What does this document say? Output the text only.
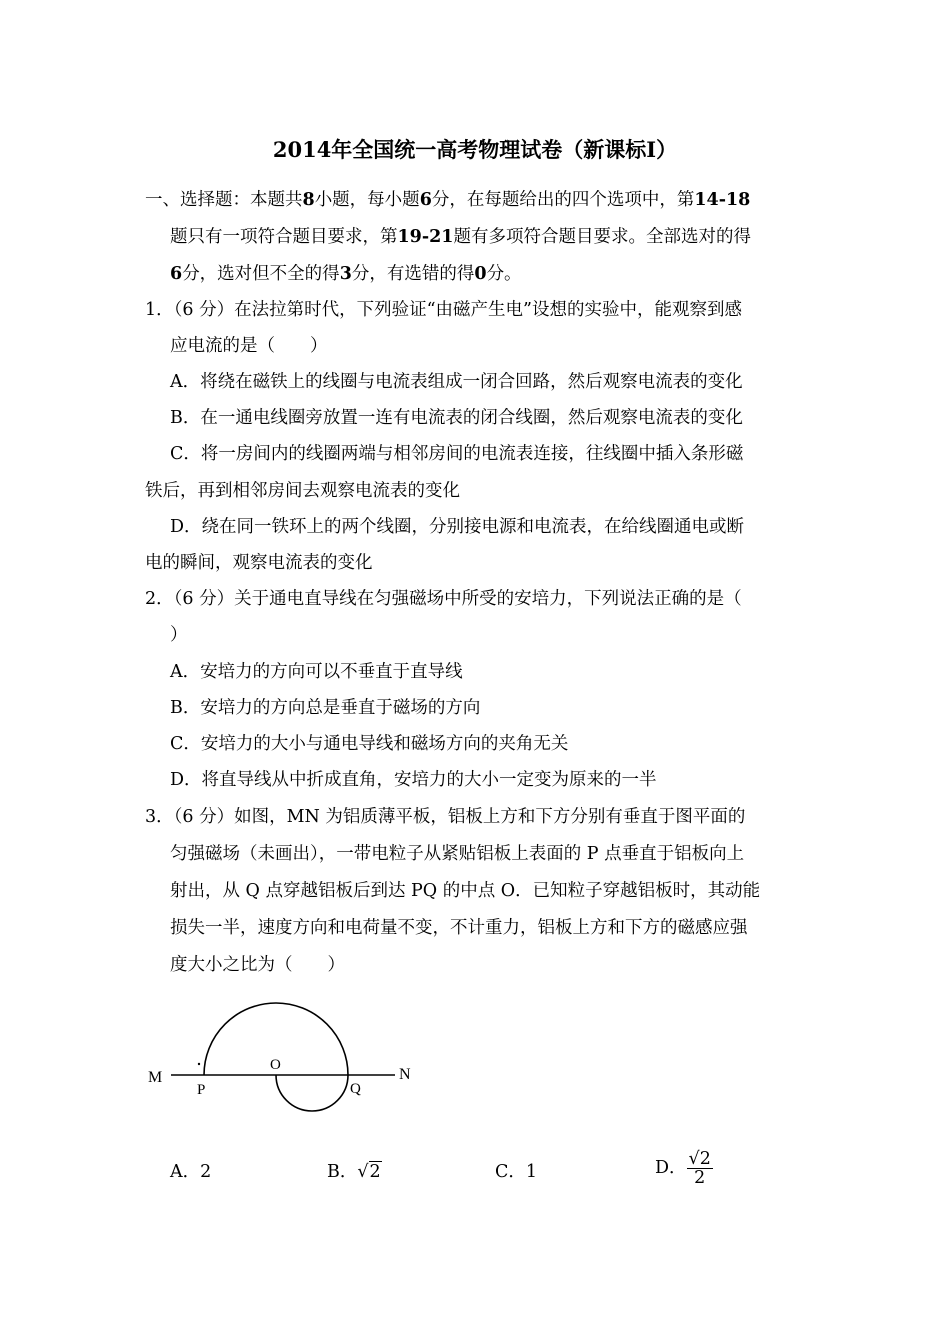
2014年全国统一高考物理试卷（新课标Ⅰ）
一、选择题：本题共8小题，每小题6分，在每题给出的四个选项中，第14-18
题只有一项符合题目要求，第19-21题有多项符合题目要求。全部选对的得
6分，选对但不全的得3分，有选错的得0分。
1．（6 分）在法拉第时代，下列验证“由磁产生电”设想的实验中，能观察到感
应电流的是（　　）
A．将绕在磁铁上的线圈与电流表组成一闭合回路，然后观察电流表的变化
B．在一通电线圈旁放置一连有电流表的闭合线圈，然后观察电流表的变化
C．将一房间内的线圈两端与相邻房间的电流表连接，往线圈中插入条形磁
铁后，再到相邻房间去观察电流表的变化
D．绕在同一铁环上的两个线圈，分别接电源和电流表，在给线圈通电或断
电的瞬间，观察电流表的变化
2．（6 分）关于通电直导线在匀强磁场中所受的安培力，下列说法正确的是（
）
A．安培力的方向可以不垂直于直导线
B．安培力的方向总是垂直于磁场的方向
C．安培力的大小与通电导线和磁场方向的夹角无关
D．将直导线从中折成直角，安培力的大小一定变为原来的一半
3．（6 分）如图，MN 为铝质薄平板，铝板上方和下方分别有垂直于图平面的
匀强磁场（未画出），一带电粒子从紧贴铝板上表面的 P 点垂直于铝板向上
射出，从 Q 点穿越铝板后到达 PQ 的中点 O．已知粒子穿越铝板时，其动能
损失一半，速度方向和电荷量不变，不计重力，铝板上方和下方的磁感应强
度大小之比为（　　）
M	N
P	Q
O
A．2	B．√2	C．1	D． $\frac{√2}{2}$
